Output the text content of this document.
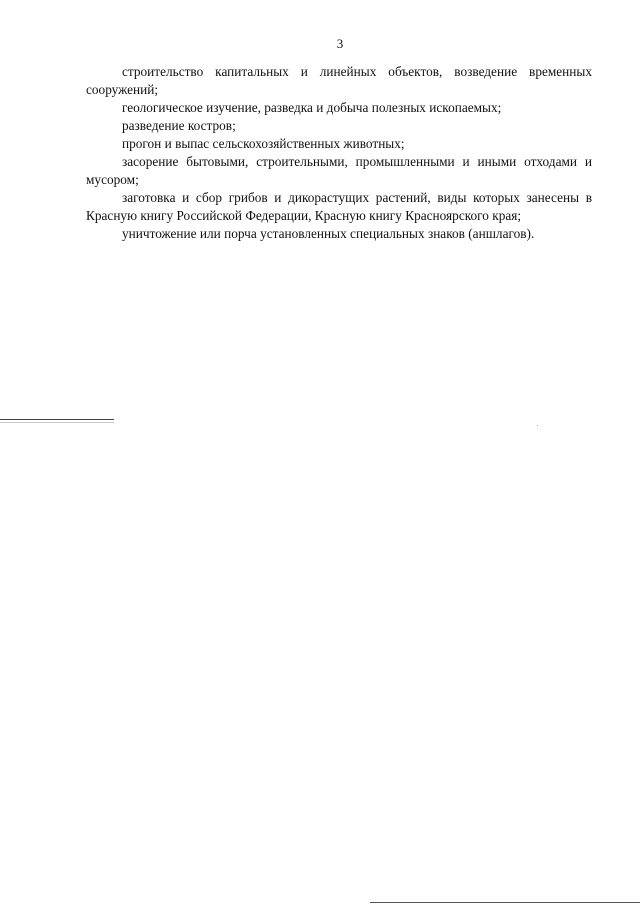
3

строительство капитальных и линейных объектов, возведение временных сооружений;

геологическое изучение, разведка и добыча полезных ископаемых;

разведение костров;

прогон и выпас сельскохозяйственных животных;

засорение бытовыми, строительными, промышленными и иными отходами и мусором;

заготовка и сбор грибов и дикорастущих растений, виды которых занесены в Красную книгу Российской Федерации, Красную книгу Красноярского края;

уничтожение или порча установленных специальных знаков (аншлагов).
